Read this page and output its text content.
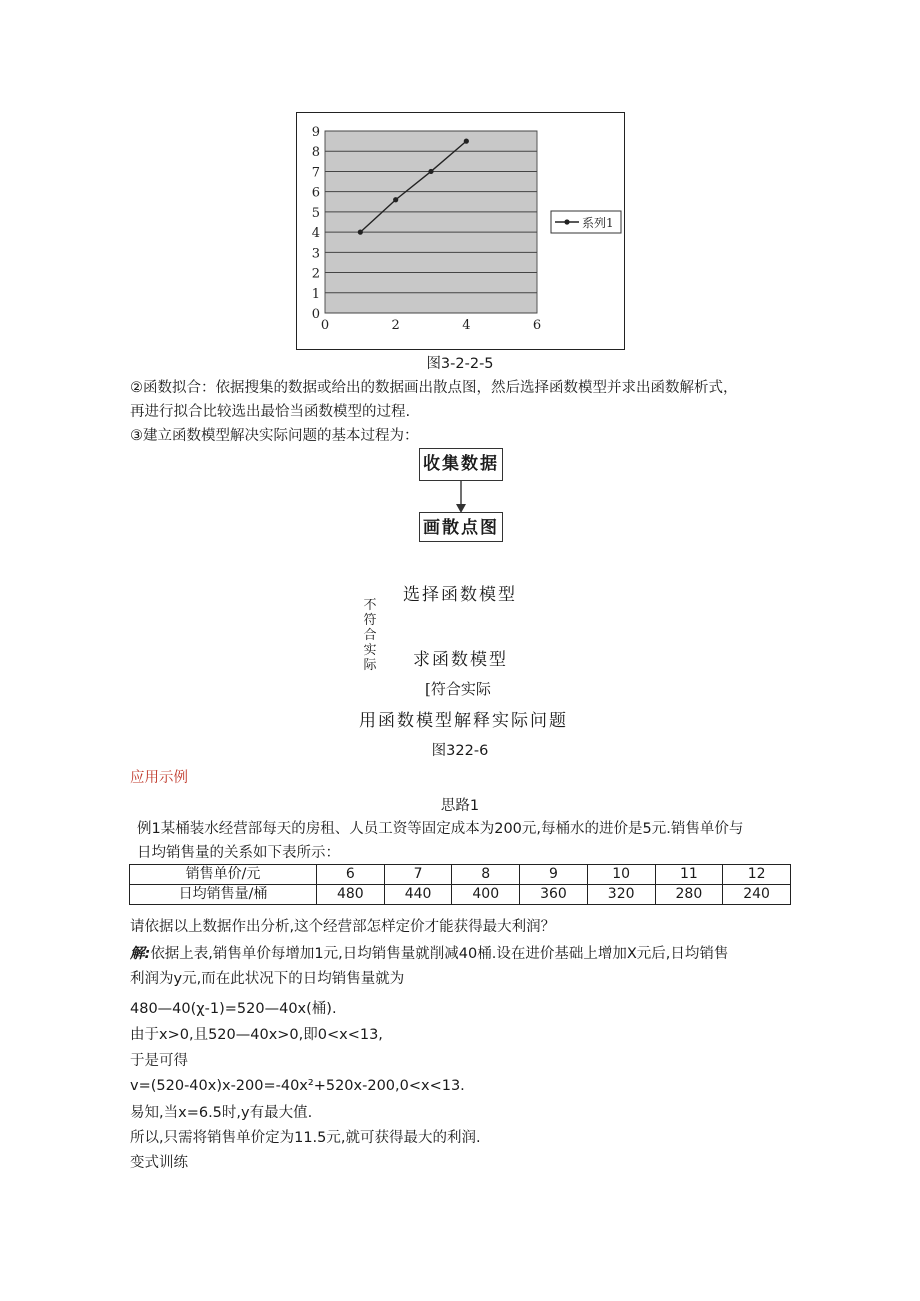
0
1
2
3
4
5
6
7
8
9
0	2	4	6
系列1
图3-2-2-5
②函数拟合：依据搜集的数据或给出的数据画出散点图，然后选择函数模型并求出函数解析式，
再进行拟合比较选出最恰当函数模型的过程.
③建立函数模型解决实际问题的基本过程为：
收集数据
画散点图
选择函数模型
不符合实际 求函数模型
[符合实际
用函数模型解释实际问题
图322-6
应用示例
思路1
例1某桶装水经营部每天的房租、人员工资等固定成本为200元,每桶水的进价是5元.销售单价与
日均销售量的关系如下表所示：
销售单价/元	6	7	8	9	10	11	12
日均销售量/桶	480	440	400	360	320	280	240
请依据以上数据作出分析,这个经营部怎样定价才能获得最大利润？
解:依据上表,销售单价每增加1元,日均销售量就削减40桶.设在进价基础上增加X元后,日均销售
利润为y元,而在此状况下的日均销售量就为
480—40(χ-1)=520—40x(桶).
由于x>0,且520—40x>0,即0<x<13,
于是可得
v=(520-40x)x-200=-40x²+520x-200,0<x<13.
易知,当x=6.5时,y有最大值.
所以,只需将销售单价定为11.5元,就可获得最大的利润.
变式训练
